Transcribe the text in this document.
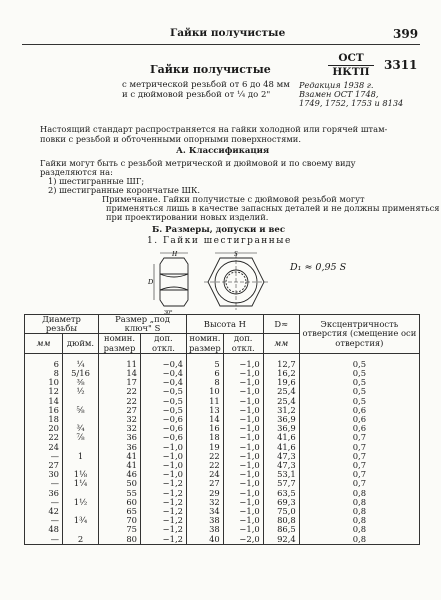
Гайки получистые	399
Гайки получистые
ОСТ
НКТП	3311
с метрической резьбой от 6 до 48 мм
и с дюймовой резьбой от ¼ до 2"
Редакция 1938 г.
Взамен ОСТ 1748,
1749, 1752, 1753 и 8134
Настоящий стандарт распространяется на гайки холодной или горячей штам-
повки с резьбой и обточенными опорными поверхностями.
А. Классификация
Гайки могут быть с резьбой метрической и дюймовой и по своему виду
разделяются на:
1) шестигранные ШГ;
2) шестигранные корончатые ШК.
Примечание. Гайки получистые с дюймовой резьбой могут
применяться лишь в качестве запасных деталей и не должны применяться
при проектировании новых изделий.
Б. Размеры, допуски и вес
1. Гайки шестигранные
H	S
D
30°
D₁ ≈ 0,95 S
Диаметр резьбы		Размер „под ключ" S		Высота H		D≈	Эксцентричность отверстия (смещение оси отверстия)
мм	дюйм.	номин. размер	доп. откл.	номин. размер	доп. откл.	мм	
6	¼	11	−0,4	5	−1,0	12,7	0,5
8	5/16	14	−0,4	6	−1,0	16,2	0,5
10	⅜	17	−0,4	8	−1,0	19,6	0,5
12	½	22	−0,5	10	−1,0	25,4	0,5
14		22	−0,5	11	−1,0	25,4	0,5
16	⅝	27	−0,5	13	−1,0	31,2	0,6
18		32	−0,6	14	−1,0	36,9	0,6
20	¾	32	−0,6	16	−1,0	36,9	0,6
22	⅞	36	−0,6	18	−1,0	41,6	0,7
24		36	−1,0	19	−1,0	41,6	0,7
—	1	41	−1,0	22	−1,0	47,3	0,7
27		41	−1,0	22	−1,0	47,3	0,7
30	1⅛	46	−1,0	24	−1,0	53,1	0,7
—	1¼	50	−1,2	27	−1,0	57,7	0,7
36		55	−1,2	29	−1,0	63,5	0,8
—	1½	60	−1,2	32	−1,0	69,3	0,8
42		65	−1,2	34	−1,0	75,0	0,8
—	1¾	70	−1,2	38	−1,0	80,8	0,8
48		75	−1,2	38	−1,0	86,5	0,8
—	2	80	−1,2	40	−2,0	92,4	0,8
